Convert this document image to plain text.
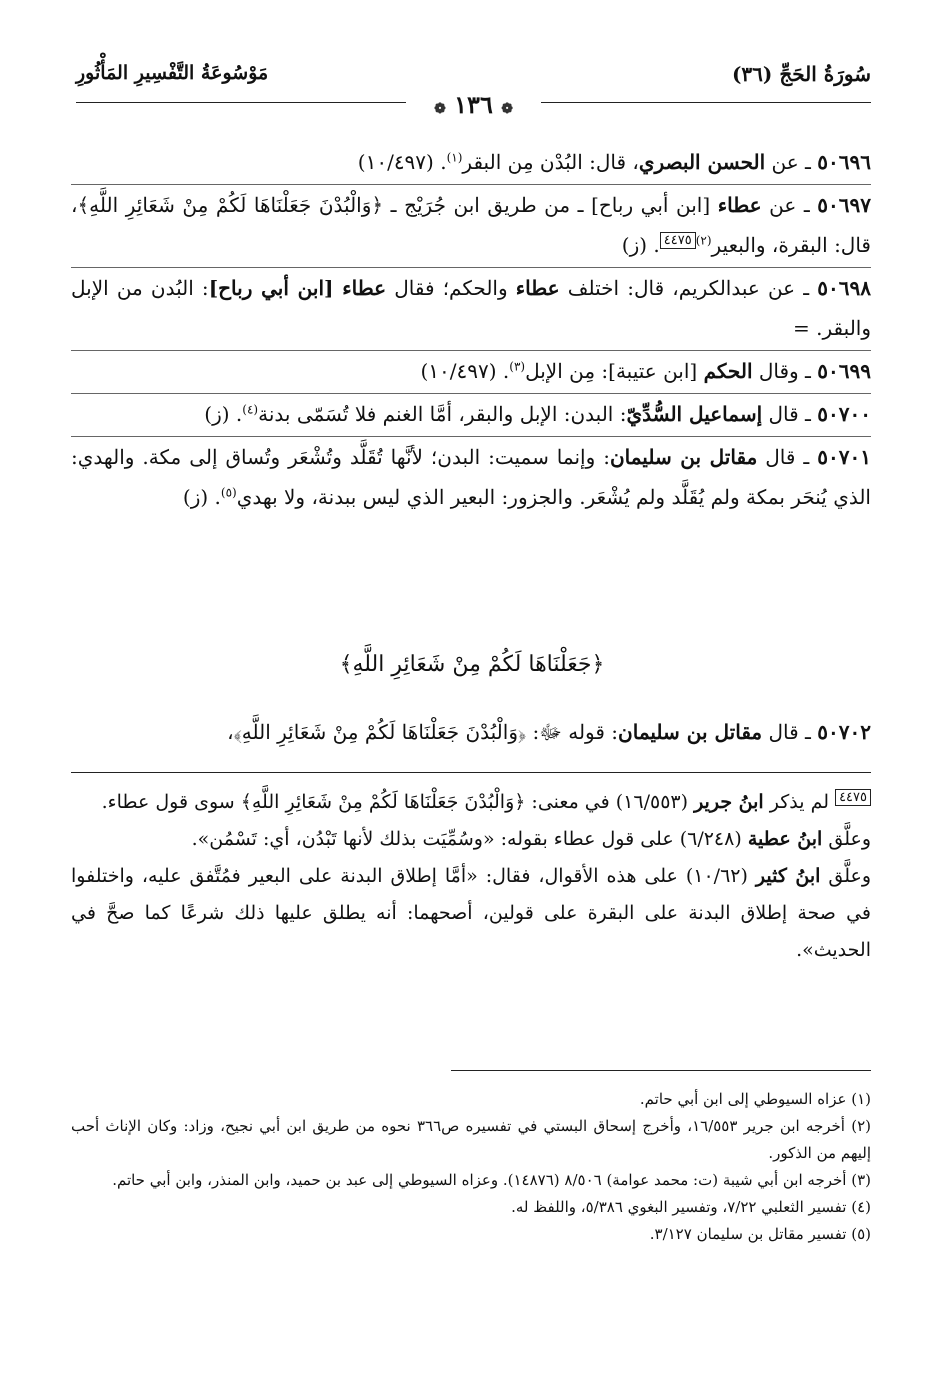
سُورَةُ الحَجِّ (٣٦)
مَوْسُوعَةُ التَّفْسِيرِ المَأْثُورِ
❁ ١٣٦ ❁

٥٠٦٩٦ ـ عن الحسن البصري، قال: البُدْن مِن البقر$^{(١)}$. (١٠/٤٩٧)

٥٠٦٩٧ ـ عن عطاء [ابن أبي رباح] ـ من طريق ابن جُرَيْج ـ ﴿وَالْبُدْنَ جَعَلْنَاهَا لَكُمْ مِنْ شَعَائِرِ اللَّهِ﴾، قال: البقرة، والبعير$^{(٢)٤٤٧٥}$. (ز)

٥٠٦٩٨ ـ عن عبدالكريم، قال: اختلف عطاء والحكم؛ فقال عطاء [ابن أبي رباح]: البُدن من الإبل والبقر. =

٥٠٦٩٩ ـ وقال الحكم [ابن عتيبة]: مِن الإبل$^{(٣)}$. (١٠/٤٩٧)

٥٠٧٠٠ ـ قال إسماعيل السُّدِّيّ: البدن: الإبل والبقر، أمَّا الغنم فلا تُسَمّى بدنة$^{(٤)}$. (ز)

٥٠٧٠١ ـ قال مقاتل بن سليمان: وإنما سميت: البدن؛ لأنَّها تُقَلَّد وتُشْعَر وتُساق إلى مكة. والهدي: الذي يُنحَر بمكة ولم يُقَلَّد ولم يُشْعَر. والجزور: البعير الذي ليس ببدنة، ولا بهدي$^{(٥)}$. (ز)

﴿جَعَلْنَاهَا لَكُمْ مِنْ شَعَائِرِ اللَّهِ﴾
٥٠٧٠٢ ـ قال مقاتل بن سليمان: قوله ﷻ: ﴿وَالْبُدْنَ جَعَلْنَاهَا لَكُمْ مِنْ شَعَائِرِ اللَّهِ﴾،

$^{٤٤٧٥}$ لم يذكر ابنُ جرير (١٦/٥٥٣) في معنى: ﴿وَالْبُدْنَ جَعَلْنَاهَا لَكُمْ مِنْ شَعَائِرِ اللَّهِ﴾ سوى قول عطاء.

وعلَّق ابنُ عطية (٦/٢٤٨) على قول عطاء بقوله: «وسُمِّيَت بذلك لأنها تَبْدُن، أي: تَسْمُن».

وعلَّق ابنُ كثير (١٠/٦٢) على هذه الأقوال، فقال: «أمَّا إطلاق البدنة على البعير فمُتَّفق عليه، واختلفوا في صحة إطلاق البدنة على البقرة على قولين، أصحهما: أنه يطلق عليها ذلك شرعًا كما صحَّ في الحديث».

(١) عزاه السيوطي إلى ابن أبي حاتم.

(٢) أخرجه ابن جرير ١٦/٥٥٣، وأخرج إسحاق البستي في تفسيره ص٣٦٦ نحوه من طريق ابن أبي نجيح، وزاد: وكان الإناث أحب إليهم من الذكور.

(٣) أخرجه ابن أبي شيبة (ت: محمد عوامة) ٨/٥٠٦ (١٤٨٧٦). وعزاه السيوطي إلى عبد بن حميد، وابن المنذر، وابن أبي حاتم.

(٤) تفسير الثعلبي ٧/٢٢، وتفسير البغوي ٥/٣٨٦، واللفظ له.

(٥) تفسير مقاتل بن سليمان ٣/١٢٧.
